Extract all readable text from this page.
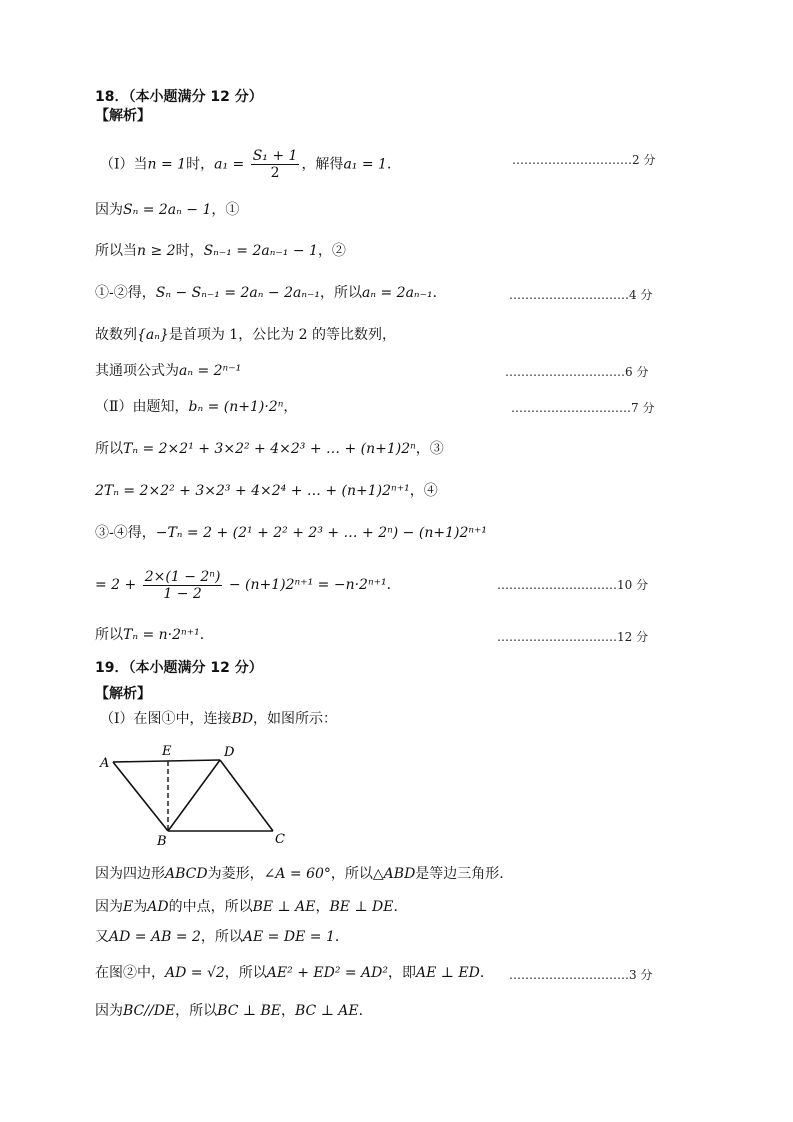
18．（本小题满分 12 分）
【解析】
（Ⅰ）当n = 1时，$a_1 = \frac{\text{S₁ + 1}}{2}$ ，解得a₁ = 1．	…………………………2 分
因为Sₙ = 2aₙ − 1，①
所以当n ≥ 2时，Sₙ₋₁ = 2aₙ₋₁ − 1，②
①-②得，Sₙ − Sₙ₋₁ = 2aₙ − 2aₙ₋₁，所以aₙ = 2aₙ₋₁．	…………………………4 分
故数列{aₙ}是首项为 1，公比为 2 的等比数列，
其通项公式为aₙ = 2ⁿ⁻¹	…………………………6 分
（Ⅱ）由题知，bₙ = (n+1)·2ⁿ，	…………………………7 分
所以Tₙ = 2×2¹ + 3×2² + 4×2³ + … + (n+1)2ⁿ，③
2Tₙ = 2×2² + 3×2³ + 4×2⁴ + … + (n+1)2ⁿ⁺¹，④
③-④得，−Tₙ = 2 + (2¹ + 2² + 2³ + … + 2ⁿ) − (n+1)2ⁿ⁺¹
= $2 + \frac{\text{2×(1 − 2ⁿ)}}{1 - 2} - (n+1)2^{n+1} = -n\cdot 2^{n+1}$．	…………………………10 分
所以Tₙ = n·2ⁿ⁺¹．	…………………………12 分
19．（本小题满分 12 分）
【解析】
（Ⅰ）在图①中，连接BD，如图所示：
A
E	D
B	C
因为四边形ABCD为菱形，∠A = 60°，所以△ABD是等边三角形.
因为E为AD的中点，所以BE ⊥ AE，BE ⊥ DE．
又AD = AB = 2，所以AE = DE = 1．
在图②中，AD = √2，所以AE² + ED² = AD²，即AE ⊥ ED． …………………………3 分
因为BC//DE，所以BC ⊥ BE，BC ⊥ AE．
